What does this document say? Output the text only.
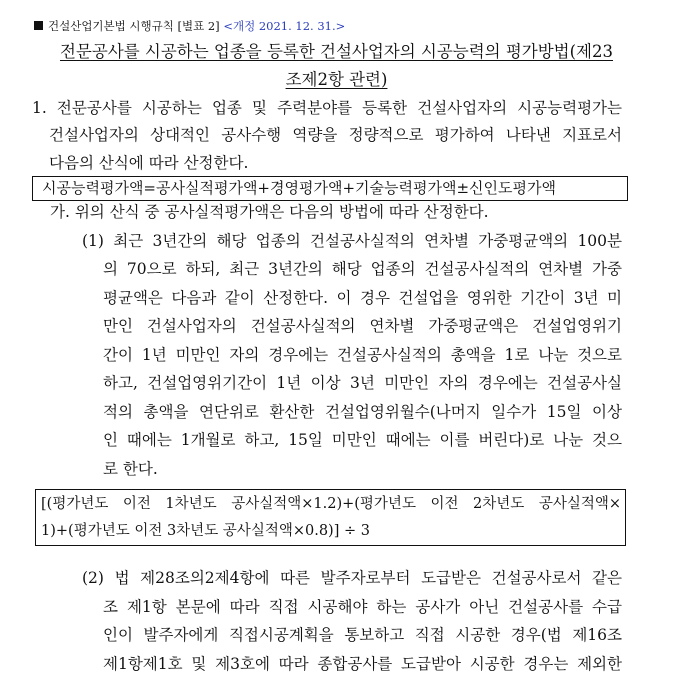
건설산업기본법 시행규칙 [별표 2] <개정 2021. 12. 31.>
전문공사를 시공하는 업종을 등록한 건설사업자의 시공능력의 평가방법(제23
조제2항 관련)
1. 전문공사를 시공하는 업종 및 주력분야를 등록한 건설사업자의 시공능력평가는
건설사업자의 상대적인 공사수행 역량을 정량적으로 평가하여 나타낸 지표로서
다음의 산식에 따라 산정한다.
시공능력평가액=공사실적평가액+경영평가액+기술능력평가액±신인도평가액
가. 위의 산식 중 공사실적평가액은 다음의 방법에 따라 산정한다.
(1) 최근 3년간의 해당 업종의 건설공사실적의 연차별 가중평균액의 100분
의 70으로 하되, 최근 3년간의 해당 업종의 건설공사실적의 연차별 가중
평균액은 다음과 같이 산정한다. 이 경우 건설업을 영위한 기간이 3년 미
만인 건설사업자의 건설공사실적의 연차별 가중평균액은 건설업영위기
간이 1년 미만인 자의 경우에는 건설공사실적의 총액을 1로 나눈 것으로
하고, 건설업영위기간이 1년 이상 3년 미만인 자의 경우에는 건설공사실
적의 총액을 연단위로 환산한 건설업영위월수(나머지 일수가 15일 이상
인 때에는 1개월로 하고, 15일 미만인 때에는 이를 버린다)로 나눈 것으
로 한다.
[(평가년도 이전 1차년도 공사실적액×1.2)+(평가년도 이전 2차년도 공사실적액×
1)+(평가년도 이전 3차년도 공사실적액×0.8)] ÷ 3
(2) 법 제28조의2제4항에 따른 발주자로부터 도급받은 건설공사로서 같은
조 제1항 본문에 따라 직접 시공해야 하는 공사가 아닌 건설공사를 수급
인이 발주자에게 직접시공계획을 통보하고 직접 시공한 경우(법 제16조
제1항제1호 및 제3호에 따라 종합공사를 도급받아 시공한 경우는 제외한
